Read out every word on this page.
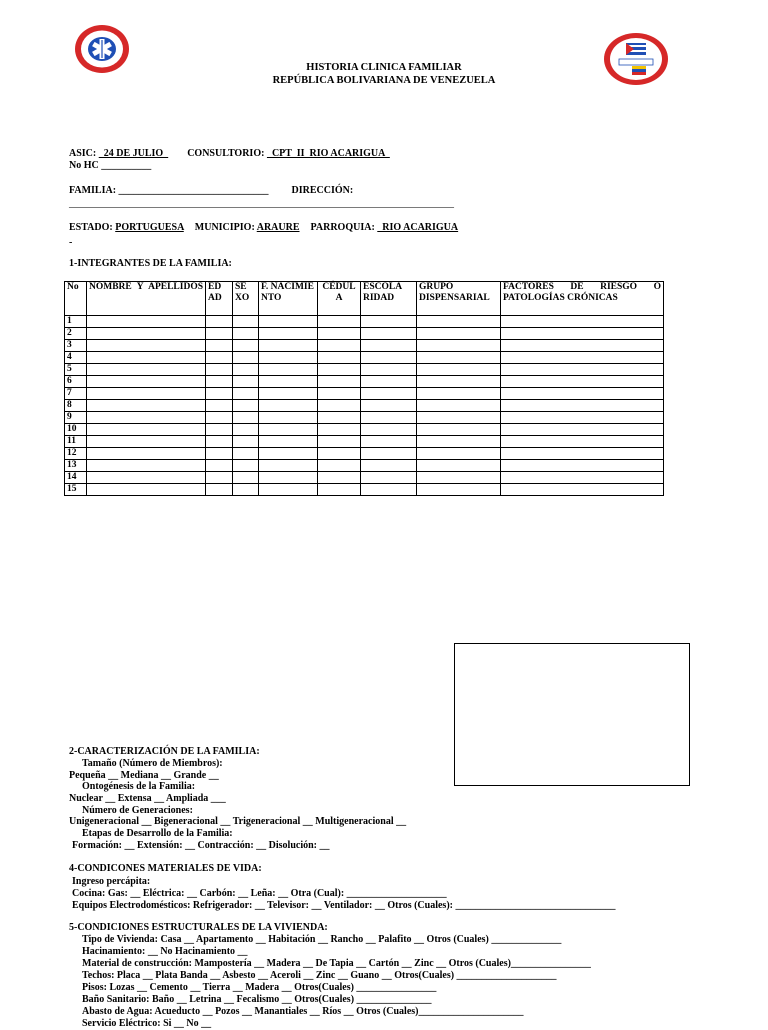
HISTORIA CLINICA FAMILIAR
REPÚBLICA BOLIVARIANA DE VENEZUELA
ASIC:   24 DE JULIO    CONSULTORIO:   CPT  II  RIO ACARIGUA
No HC __________
FAMILIA: ______________________________ DIRECCIÓN:
_____________________________________________________________________________
ESTADO: PORTUGUESA MUNICIPIO: ARAURE PARROQUIA:   RIO ACARIGUA
-
1-INTEGRANTES DE LA FAMILIA:
No	NOMBRE Y APELLIDOS	ED AD	SE XO	F. NACIMIE NTO	CÉDUL A	ESCOLA RIDAD	GRUPO DISPENSARIAL	FACTORES DE RIESGO O PATOLOGÍAS CRÓNICAS
1								
2								
3								
4								
5								
6								
7								
8								
9								
10								
11								
12								
13								
14								
15								
2-CARACTERIZACIÓN DE LA FAMILIA:
Tamaño (Número de Miembros):
Pequeña __ Mediana __ Grande __
Ontogénesis de la Familia:
Nuclear __ Extensa __ Ampliada ___
Número de Generaciones:
Unigeneracional __ Bigeneracional __ Trigeneracional __ Multigeneracional __
Etapas de Desarrollo de la Familia:
Formación: __ Extensión: __ Contracción: __ Disolución: __
4-CONDICONES MATERIALES DE VIDA:
Ingreso percápita:
Cocina: Gas: __ Eléctrica: __ Carbón: __ Leña: __ Otra (Cual): ____________________
Equipos Electrodomésticos: Refrigerador: __ Televisor: __ Ventilador: __ Otros (Cuales): ________________________________
5-CONDICIONES ESTRUCTURALES DE LA VIVIENDA:
Tipo de Vivienda: Casa __ Apartamento __ Habitación __ Rancho __ Palafito __ Otros (Cuales) ______________
Hacinamiento: __ No Hacinamiento __
Material de construcción: Mampostería __ Madera __ De Tapia __ Cartón __ Zinc __ Otros (Cuales)________________
Techos: Placa __ Plata Banda __ Asbesto __ Aceroli __ Zinc __ Guano __ Otros(Cuales) ____________________
Pisos: Lozas __ Cemento __ Tierra __ Madera __ Otros(Cuales) ________________
Baño Sanitario: Baño __ Letrina __ Fecalismo __ Otros(Cuales) _______________
Abasto de Agua: Acueducto __ Pozos __ Manantiales __ Ríos __ Otros (Cuales)_____________________
Servicio Eléctrico: Si __ No __
